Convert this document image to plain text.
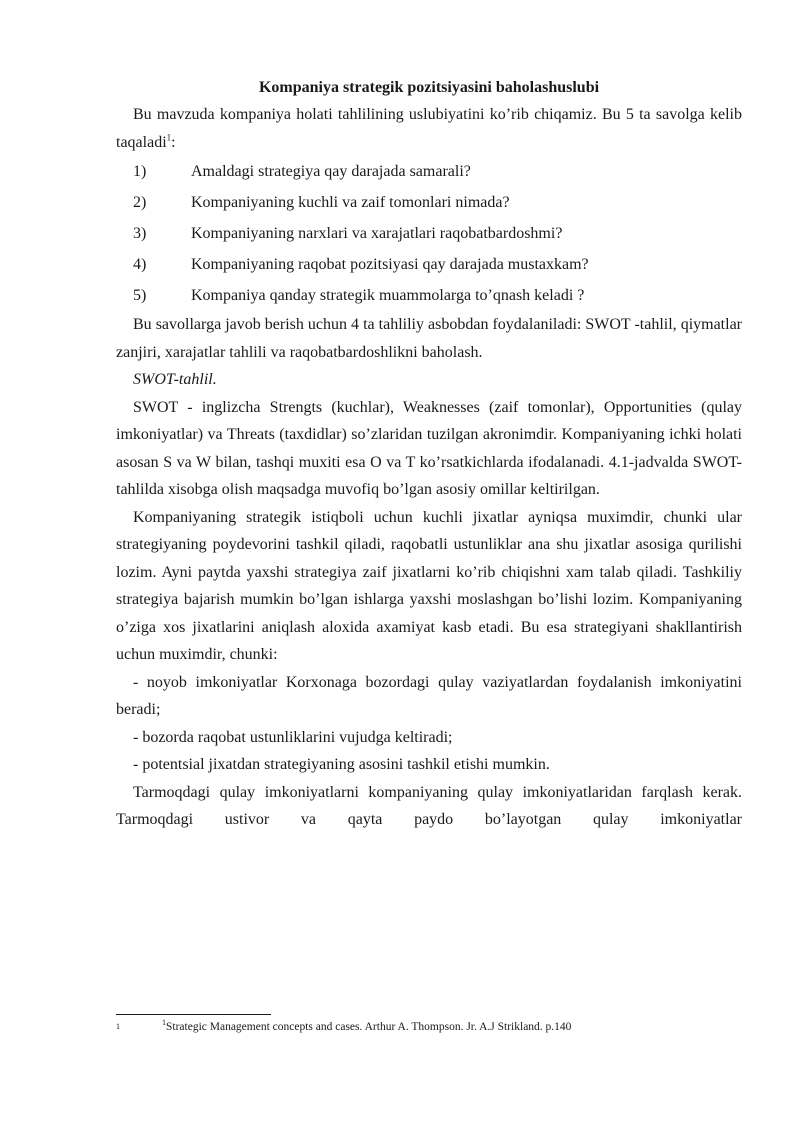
Kompaniya strategik pozitsiyasini baholashuslubi

Bu mavzuda kompaniya holati tahlilining uslubiyatini ko’rib chiqamiz. Bu 5 ta savolga kelib taqaladi$^1$:

1)	Amaldagi strategiya qay darajada samarali?
2)	Kompaniyaning kuchli va zaif tomonlari nimada?
3)	Kompaniyaning narxlari va xarajatlari raqobatbardoshmi?
4)	Kompaniyaning raqobat pozitsiyasi qay darajada mustaxkam?
5)	Kompaniya qanday strategik muammolarga to’qnash keladi ?

Bu savollarga javob berish uchun 4 ta tahliliy asbobdan foydalaniladi: SWOT -tahlil, qiymatlar zanjiri, xarajatlar tahlili va raqobatbardoshlikni baholash.

SWOT-tahlil.

SWOT - inglizcha Strengts (kuchlar), Weaknesses (zaif tomonlar), Opportunities (qulay imkoniyatlar) va Threats (taxdidlar) so’zlaridan tuzilgan akronimdir. Kompaniyaning ichki holati asosan S va W bilan, tashqi muxiti esa O va T ko’rsatkichlarda ifodalanadi. 4.1-jadvalda SWOT-tahlilda xisobga olish maqsadga muvofiq bo’lgan asosiy omillar keltirilgan.

Kompaniyaning strategik istiqboli uchun kuchli jixatlar ayniqsa muximdir, chunki ular strategiyaning poydevorini tashkil qiladi, raqobatli ustunliklar ana shu jixatlar asosiga qurilishi lozim. Ayni paytda yaxshi strategiya zaif jixatlarni ko’rib chiqishni xam talab qiladi. Tashkiliy strategiya bajarish mumkin bo’lgan ishlarga yaxshi moslashgan bo’lishi lozim. Kompaniyaning o’ziga xos jixatlarini aniqlash aloxida axamiyat kasb etadi. Bu esa strategiyani shakllantirish uchun muximdir, chunki:

- noyob imkoniyatlar Korxonaga bozordagi qulay vaziyatlardan foydalanish imkoniyatini beradi;

- bozorda raqobat ustunliklarini vujudga keltiradi;

- potentsial jixatdan strategiyaning asosini tashkil etishi mumkin.

Tarmoqdagi qulay imkoniyatlarni kompaniyaning qulay imkoniyatlaridan farqlash kerak. Tarmoqdagi ustivor va qayta paydo bo’layotgan qulay imkoniyatlar

1	$^1$Strategic Management concepts and cases. Arthur A. Thompson. Jr. A.J Strikland. p.140
